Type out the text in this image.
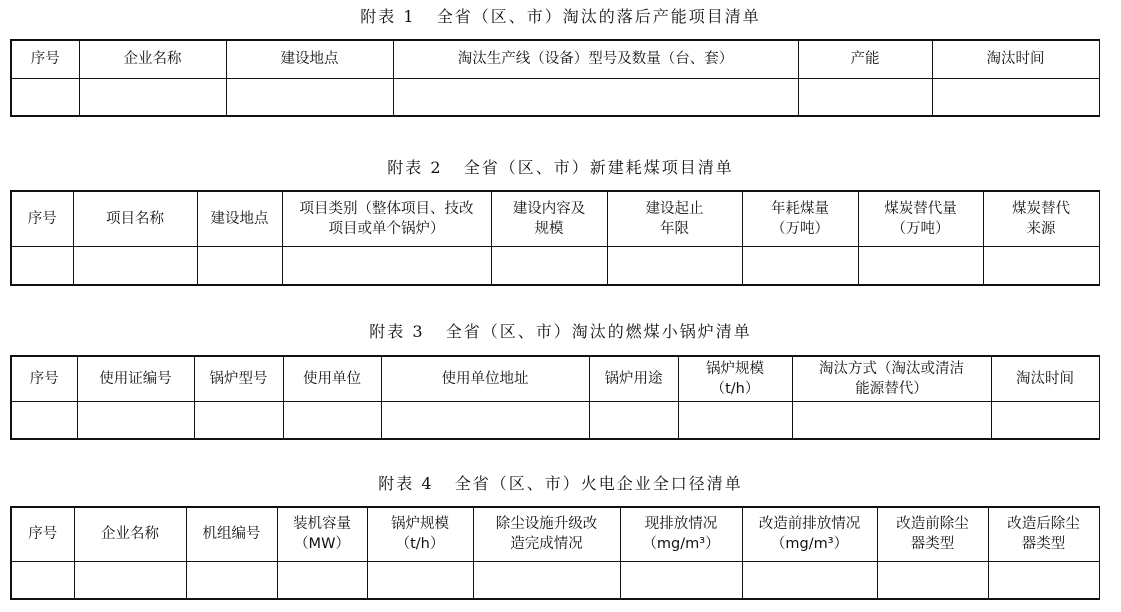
附表 1   全省（区、市）淘汰的落后产能项目清单
序号	企业名称	建设地点	淘汰生产线（设备）型号及数量（台、套）	产能	淘汰时间

附表 2   全省（区、市）新建耗煤项目清单
序号	项目名称	建设地点	项目类别（整体项目、技改
项目或单个锅炉）	建设内容及
规模	建设起止
年限	年耗煤量
（万吨）	煤炭替代量
（万吨）	煤炭替代
来源

附表 3   全省（区、市）淘汰的燃煤小锅炉清单
序号	使用证编号	锅炉型号	使用单位	使用单位地址	锅炉用途	锅炉规模
（t/h）	淘汰方式（淘汰或清洁
能源替代）	淘汰时间

附表 4   全省（区、市）火电企业全口径清单
序号	企业名称	机组编号	装机容量
（MW）	锅炉规模
（t/h）	除尘设施升级改
造完成情况	现排放情况
（mg/m³）	改造前排放情况
（mg/m³）	改造前除尘
器类型	改造后除尘
器类型
